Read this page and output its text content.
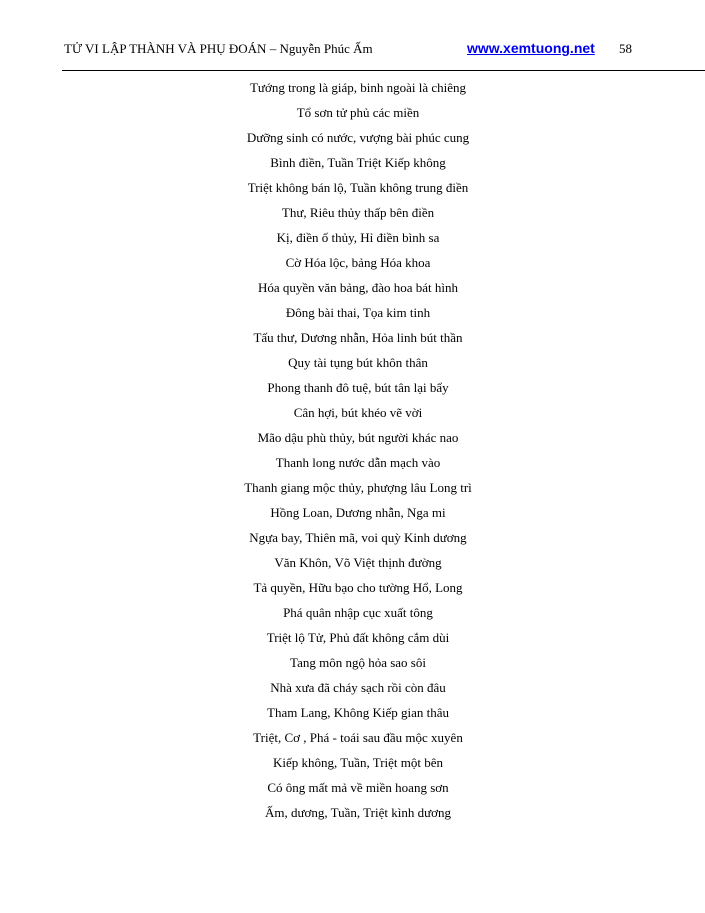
TỬ VI LẬP THÀNH VÀ PHỤ ĐOÁN – Nguyễn Phúc Ấm	www.xemtuong.net 58
Tướng trong là giáp, binh ngoài là chiêng
Tổ sơn tử phủ các miền
Dưỡng sinh có nước, vượng bài phúc cung
Bình điền, Tuần Triệt Kiếp không
Triệt không bán lộ, Tuần không trung điền
Thư, Riêu thủy thấp bên điền
Kị, điền ố thủy, Hỉ điền bình sa
Cờ Hóa lộc, bảng Hóa khoa
Hóa quyền văn bảng, đào hoa bát hình
Đông bài thai, Tọa kim tinh
Tấu thư, Dương nhẫn, Hỏa linh bút thần
Quy tài tụng bút khôn thân
Phong thanh đô tuệ, bút tân lại bẩy
Cân hợi, bút khéo vẽ vời
Mão dậu phù thủy, bút người khác nao
Thanh long nước dẫn mạch vào
Thanh giang mộc thủy, phượng lâu Long trì
Hồng Loan, Dương nhẫn, Nga mi
Ngựa bay, Thiên mã, voi quỳ Kinh dương
Văn Khôn, Võ Việt thịnh đường
Tả quyền, Hữu bạo cho tường Hổ, Long
Phá quân nhập cục xuất tông
Triệt lộ Tử, Phủ đất không cắm dùi
Tang môn ngộ hỏa sao sôi
Nhà xưa đã cháy sạch rồi còn đâu
Tham Lang, Không Kiếp gian thâu
Triệt, Cơ , Phá - toái sau đầu mộc xuyên
Kiếp không, Tuần, Triệt một bên
Có ông mất mả về miền hoang sơn
Ấm, dương, Tuần, Triệt kình dương
